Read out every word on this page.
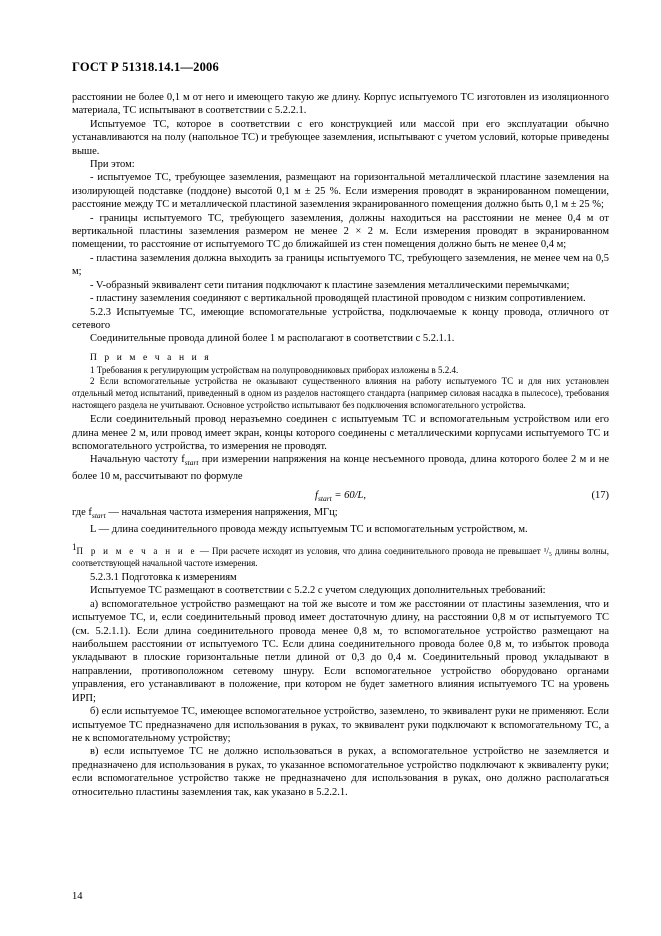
ГОСТ Р 51318.14.1—2006

расстоянии не более 0,1 м от него и имеющего такую же длину. Корпус испытуемого ТС изготовлен из изоляционного материала, ТС испытывают в соответствии с 5.2.2.1.

Испытуемое ТС, которое в соответствии с его конструкцией или массой при его эксплуатации обычно устанавливаются на полу (напольное ТС) и требующее заземления, испытывают с учетом условий, которые приведены выше.

При этом:

- испытуемое ТС, требующее заземления, размещают на горизонтальной металлической пластине заземления на изолирующей подставке (поддоне) высотой 0,1 м ± 25 %. Если измерения проводят в экранированном помещении, расстояние между ТС и металлической пластиной заземления экранированного помещения должно быть 0,1 м ± 25 %;

- границы испытуемого ТС, требующего заземления, должны находиться на расстоянии не менее 0,4 м от вертикальной пластины заземления размером не менее 2 × 2 м. Если измерения проводят в экранированном помещении, то расстояние от испытуемого ТС до ближайшей из стен помещения должно быть не менее 0,4 м;

- пластина заземления должна выходить за границы испытуемого ТС, требующего заземления, не менее чем на 0,5 м;

- V-образный эквивалент сети питания подключают к пластине заземления металлическими перемычками;

- пластину заземления соединяют с вертикальной проводящей пластиной проводом с низким сопротивлением.

5.2.3 Испытуемые ТС, имеющие вспомогательные устройства, подключаемые к концу провода, отличного от сетевого

Соединительные провода длиной более 1 м располагают в соответствии с 5.2.1.1.

П р и м е ч а н и я

1 Требования к регулирующим устройствам на полупроводниковых приборах изложены в 5.2.4.

2 Если вспомогательные устройства не оказывают существенного влияния на работу испытуемого ТС и для них установлен отдельный метод испытаний, приведенный в одном из разделов настоящего стандарта (например силовая насадка в пылесосе), требования настоящего раздела не учитывают. Основное устройство испытывают без подключения вспомогательного устройства.

Если соединительный провод неразъемно соединен с испытуемым ТС и вспомогательным устройством или его длина менее 2 м, или провод имеет экран, концы которого соединены с металлическими корпусами испытуемого ТС и вспомогательного устройства, то измерения не проводят.

Начальную частоту $f_{start}$ при измерении напряжения на конце несъемного провода, длина которого более 2 м и не более 10 м, рассчитывают по формуле

$f_{start} = 60/L$,	(17)

где $f_{start}$ — начальная частота измерения напряжения, МГц;

L — длина соединительного провода между испытуемым ТС и вспомогательным устройством, м.

1П р и м е ч а н и е — При расчете исходят из условия, что длина соединительного провода не превышает ¹/₅ длины волны, соответствующей начальной частоте измерения.

5.2.3.1 Подготовка к измерениям

Испытуемое ТС размещают в соответствии с 5.2.2 с учетом следующих дополнительных требований:

а) вспомогательное устройство размещают на той же высоте и том же расстоянии от пластины заземления, что и испытуемое ТС, и, если соединительный провод имеет достаточную длину, на расстоянии 0,8 м от испытуемого ТС (см. 5.2.1.1). Если длина соединительного провода менее 0,8 м, то вспомогательное устройство размещают на наибольшем расстоянии от испытуемого ТС. Если длина соединительного провода более 0,8 м, то избыток провода укладывают в плоские горизонтальные петли длиной от 0,3 до 0,4 м. Соединительный провод укладывают в направлении, противоположном сетевому шнуру. Если вспомогательное устройство оборудовано органами управления, его устанавливают в положение, при котором не будет заметного влияния испытуемого ТС на уровень ИРП;

б) если испытуемое ТС, имеющее вспомогательное устройство, заземлено, то эквивалент руки не применяют. Если испытуемое ТС предназначено для использования в руках, то эквивалент руки подключают к вспомогательному ТС, а не к вспомогательному устройству;

в) если испытуемое ТС не должно использоваться в руках, а вспомогательное устройство не заземляется и предназначено для использования в руках, то указанное вспомогательное устройство подключают к эквиваленту руки; если вспомогательное устройство также не предназначено для использования в руках, оно должно располагаться относительно пластины заземления так, как указано в 5.2.2.1.

14
